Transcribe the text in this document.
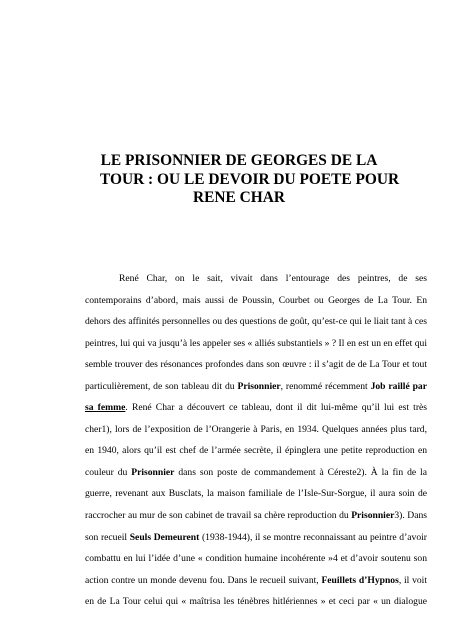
LE PRISONNIER DE GEORGES DE LA
TOUR : OU LE DEVOIR DU POETE POUR
RENE CHAR
René Char, on le sait, vivait dans l’entourage des peintres, de ses
contemporains d’abord, mais aussi de Poussin, Courbet ou Georges de La Tour. En
dehors des affinités personnelles ou des questions de goût, qu’est-ce qui le liait tant à ces
peintres, lui qui va jusqu’à les appeler ses « alliés substantiels » ? Il en est un en effet qui
semble trouver des résonances profondes dans son œuvre : il s’agit de de La Tour et tout
particulièrement, de son tableau dit du Prisonnier, renommé récemment Job raillé par
sa femme. René Char a découvert ce tableau, dont il dit lui-même qu’il lui est très
cher1), lors de l’exposition de l’Orangerie à Paris, en 1934. Quelques années plus tard,
en 1940, alors qu’il est chef de l’armée secrète, il épinglera une petite reproduction en
couleur du Prisonnier dans son poste de commandement à Céreste2). À la fin de la
guerre, revenant aux Busclats, la maison familiale de l’Isle-Sur-Sorgue, il aura soin de
raccrocher au mur de son cabinet de travail sa chère reproduction du Prisonnier3). Dans
son recueil Seuls Demeurent (1938-1944), il se montre reconnaissant au peintre d’avoir
combattu en lui l’idée d’une « condition humaine incohérente »4 et d’avoir soutenu son
action contre un monde devenu fou. Dans le recueil suivant, Feuillets d’Hypnos, il voit
en de La Tour celui qui « maîtrisa les ténèbres hitlériennes » et ceci par « un dialogue
